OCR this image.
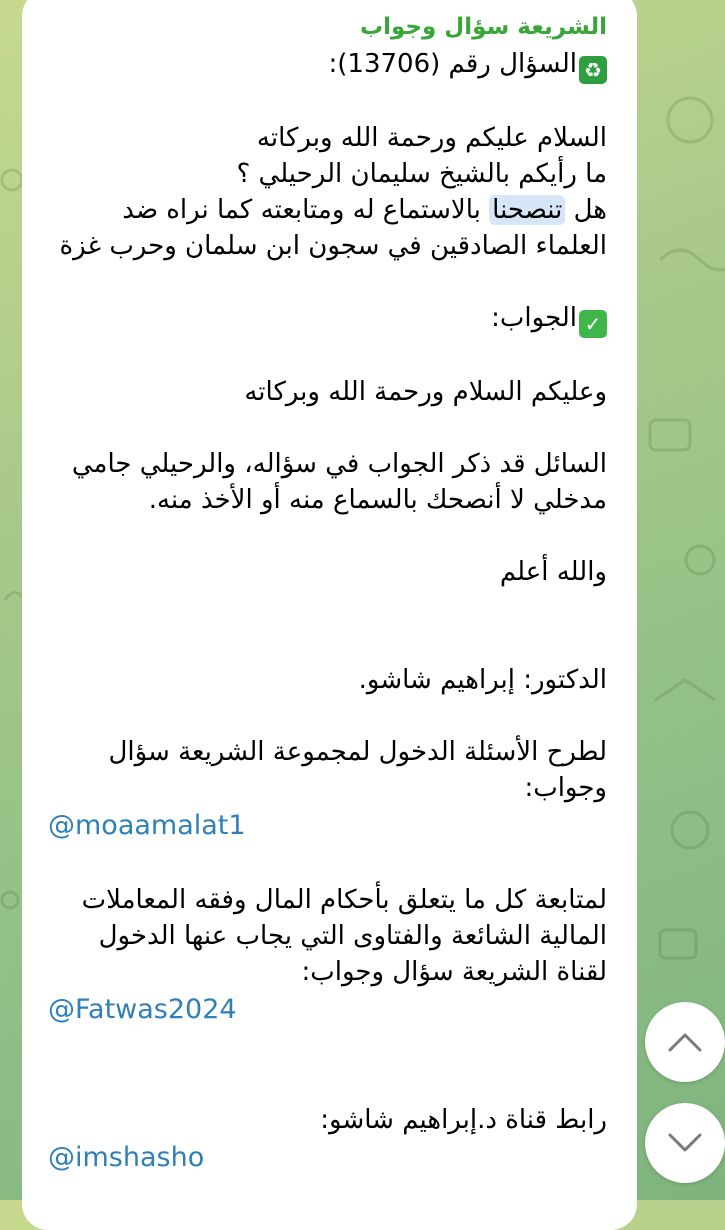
الشريعة سؤال وجواب
♻السؤال رقم (13706):
السلام عليكم ورحمة الله وبركاته
ما رأيكم بالشيخ سليمان الرحيلي ؟
هل تنصحنا بالاستماع له ومتابعته كما نراه ضد
العلماء الصادقين في سجون ابن سلمان وحرب غزة
✓الجواب:
وعليكم السلام ورحمة الله وبركاته
السائل قد ذكر الجواب في سؤاله، والرحيلي جامي
مدخلي لا أنصحك بالسماع منه أو الأخذ منه.
والله أعلم
الدكتور: إبراهيم شاشو.
لطرح الأسئلة الدخول لمجموعة الشريعة سؤال
وجواب:
@moaamalat1
لمتابعة كل ما يتعلق بأحكام المال وفقه المعاملات
المالية الشائعة والفتاوى التي يجاب عنها الدخول
لقناة الشريعة سؤال وجواب:
@Fatwas2024
رابط قناة د.إبراهيم شاشو:
@imshasho
